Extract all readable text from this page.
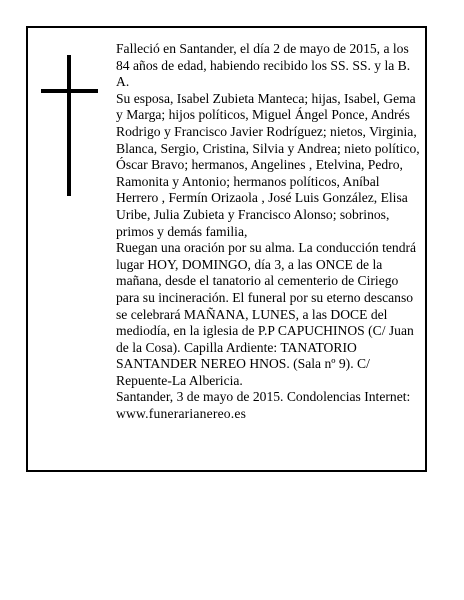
Falleció en Santander, el día 2 de mayo de 2015, a los 84 años de edad, habiendo recibido los SS. SS. y la B. A.

Su esposa, Isabel Zubieta Manteca; hijas, Isabel, Gema y Marga; hijos políticos, Miguel Ángel Ponce, Andrés Rodrigo y Francisco Javier Rodríguez; nietos, Virginia, Blanca, Sergio, Cristina, Silvia y Andrea; nieto político, Óscar Bravo; hermanos, Angelines , Etelvina, Pedro, Ramonita y Antonio; hermanos políticos, Aníbal Herrero , Fermín Orizaola , José Luis González, Elisa Uribe, Julia Zubieta y Francisco Alonso; sobrinos, primos y demás familia,

Ruegan una oración por su alma. La conducción tendrá lugar HOY, DOMINGO, día 3, a las ONCE de la mañana, desde el tanatorio al cementerio de Ciriego para su incineración. El funeral por su eterno descanso se celebrará MAÑANA, LUNES, a las DOCE del mediodía, en la iglesia de P.P CAPUCHINOS (C/ Juan de la Cosa). Capilla Ardiente: TANATORIO SANTANDER NEREO HNOS. (Sala nº 9). C/ Repuente-La Albericia.

Santander, 3 de mayo de 2015. Condolencias Internet:

www.funerarianereo.es
